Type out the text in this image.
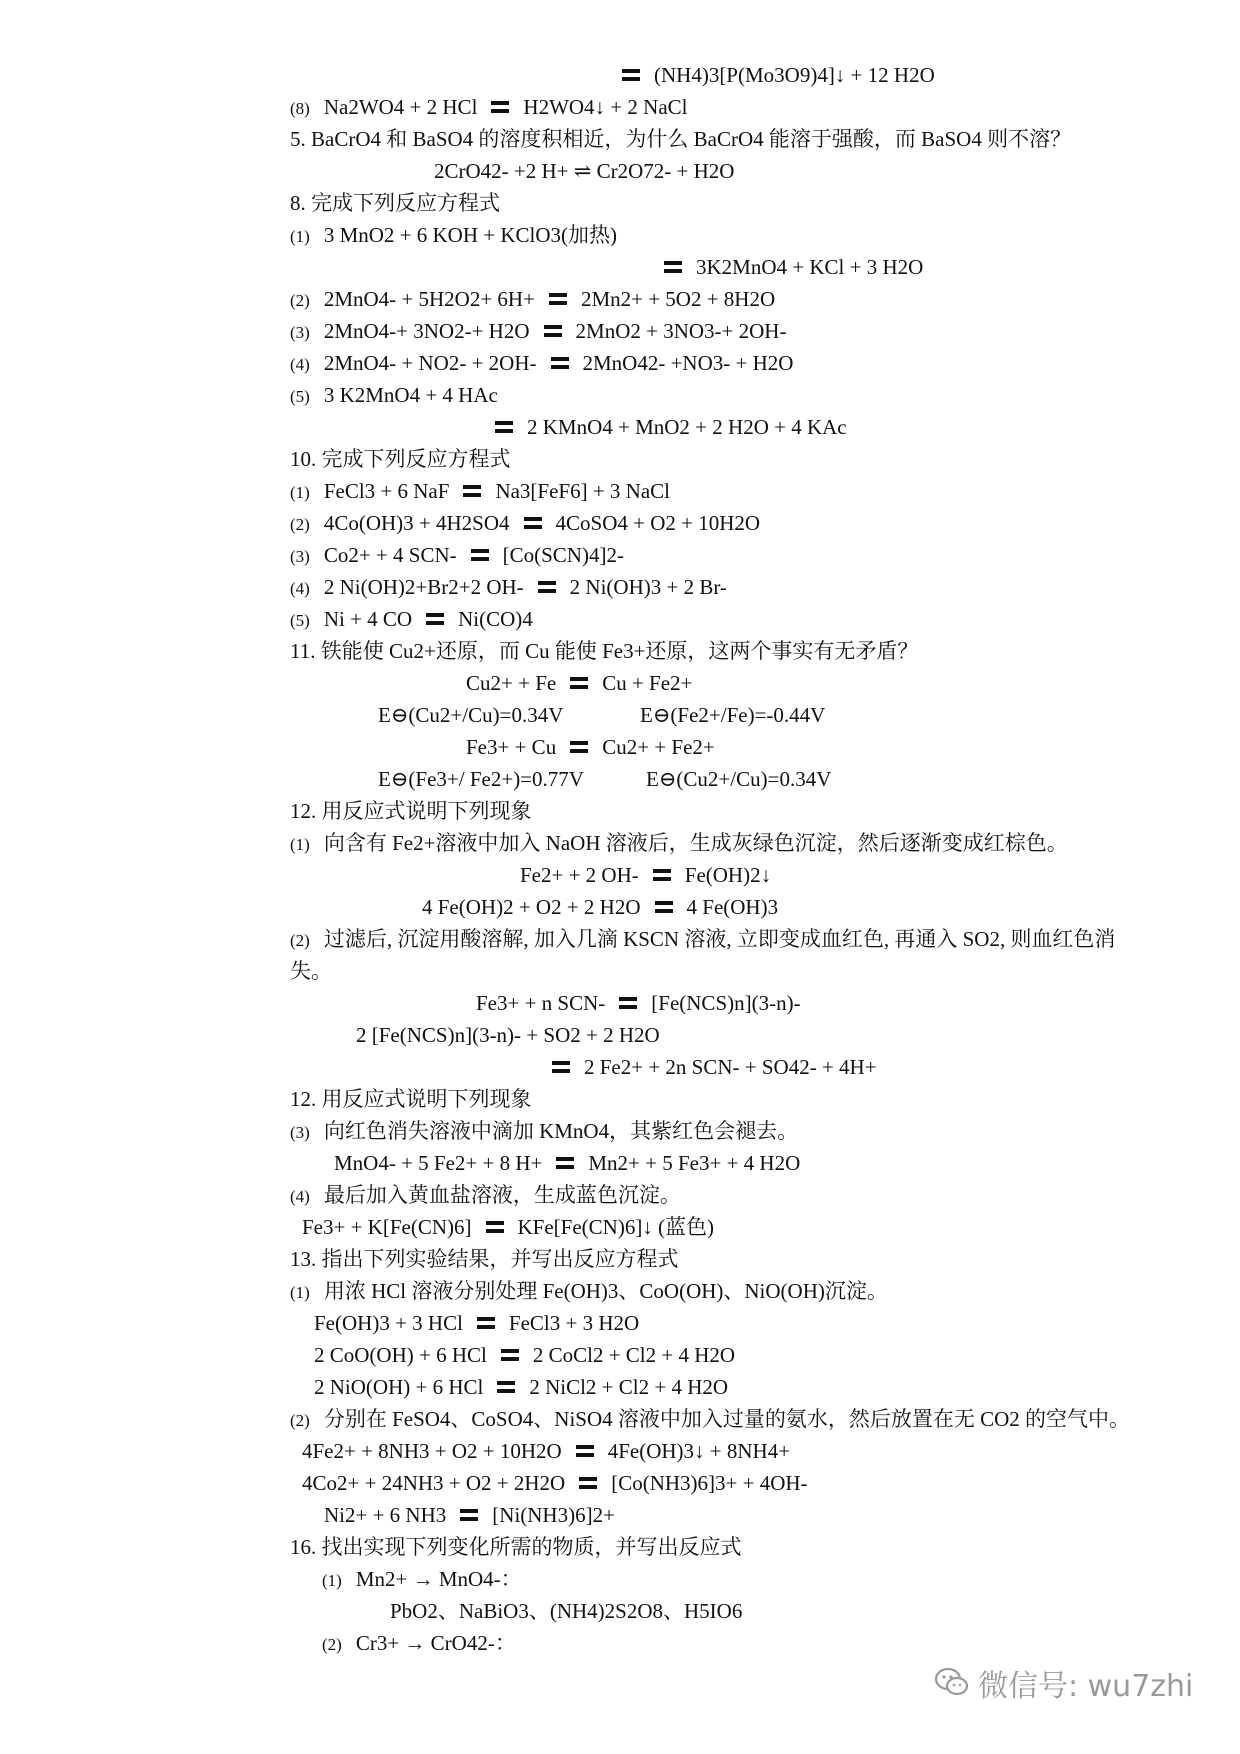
(NH4)3[P(Mo3O9)4]↓ + 12 H2O
(8) Na2WO4 + 2 HCl H2WO4↓ + 2 NaCl
5. BaCrO4 和 BaSO4 的溶度积相近，为什么 BaCrO4 能溶于强酸，而 BaSO4 则不溶？
2CrO42- +2 H+ ⇌ Cr2O72- + H2O
8. 完成下列反应方程式
(1) 3 MnO2 + 6 KOH + KClO3(加热)
3K2MnO4 + KCl + 3 H2O
(2) 2MnO4- + 5H2O2+ 6H+ 2Mn2+ + 5O2 + 8H2O
(3) 2MnO4-+ 3NO2-+ H2O 2MnO2 + 3NO3-+ 2OH-
(4) 2MnO4- + NO2- + 2OH- 2MnO42- +NO3- + H2O
(5) 3 K2MnO4 + 4 HAc
2 KMnO4 + MnO2 + 2 H2O + 4 KAc
10. 完成下列反应方程式
(1) FeCl3 + 6 NaF Na3[FeF6] + 3 NaCl
(2) 4Co(OH)3 + 4H2SO4 4CoSO4 + O2 + 10H2O
(3) Co2+ + 4 SCN- [Co(SCN)4]2-
(4) 2 Ni(OH)2+Br2+2 OH- 2 Ni(OH)3 + 2 Br-
(5) Ni + 4 CO Ni(CO)4
11. 铁能使 Cu2+还原，而 Cu 能使 Fe3+还原，这两个事实有无矛盾？
Cu2+ + Fe Cu + Fe2+
E⊖(Cu2+/Cu)=0.34V	E⊖(Fe2+/Fe)=-0.44V
Fe3+ + Cu Cu2+ + Fe2+
E⊖(Fe3+/ Fe2+)=0.77V	E⊖(Cu2+/Cu)=0.34V
12. 用反应式说明下列现象
(1) 向含有 Fe2+溶液中加入 NaOH 溶液后，生成灰绿色沉淀，然后逐渐变成红棕色。
Fe2+ + 2 OH- Fe(OH)2↓
4 Fe(OH)2 + O2 + 2 H2O 4 Fe(OH)3
(2) 过滤后, 沉淀用酸溶解, 加入几滴 KSCN 溶液, 立即变成血红色, 再通入 SO2, 则血红色消
失。
Fe3+ + n SCN- [Fe(NCS)n](3-n)-
2 [Fe(NCS)n](3-n)- + SO2 + 2 H2O
2 Fe2+ + 2n SCN- + SO42- + 4H+
12. 用反应式说明下列现象
(3) 向红色消失溶液中滴加 KMnO4，其紫红色会褪去。
MnO4- + 5 Fe2+ + 8 H+ Mn2+ + 5 Fe3+ + 4 H2O
(4) 最后加入黄血盐溶液，生成蓝色沉淀。
Fe3+ + K[Fe(CN)6] KFe[Fe(CN)6]↓ (蓝色)
13. 指出下列实验结果，并写出反应方程式
(1) 用浓 HCl 溶液分别处理 Fe(OH)3、CoO(OH)、NiO(OH)沉淀。
Fe(OH)3 + 3 HCl FeCl3 + 3 H2O
2 CoO(OH) + 6 HCl 2 CoCl2 + Cl2 + 4 H2O
2 NiO(OH) + 6 HCl 2 NiCl2 + Cl2 + 4 H2O
(2) 分别在 FeSO4、CoSO4、NiSO4 溶液中加入过量的氨水，然后放置在无 CO2 的空气中。
4Fe2+ + 8NH3 + O2 + 10H2O 4Fe(OH)3↓ + 8NH4+
4Co2+ + 24NH3 + O2 + 2H2O [Co(NH3)6]3+ + 4OH-
Ni2+ + 6 NH3 [Ni(NH3)6]2+
16. 找出实现下列变化所需的物质，并写出反应式
(1) Mn2+ → MnO4-：
PbO2、NaBiO3、(NH4)2S2O8、H5IO6
(2) Cr3+ → CrO42-：
微信号: wu7zhi
